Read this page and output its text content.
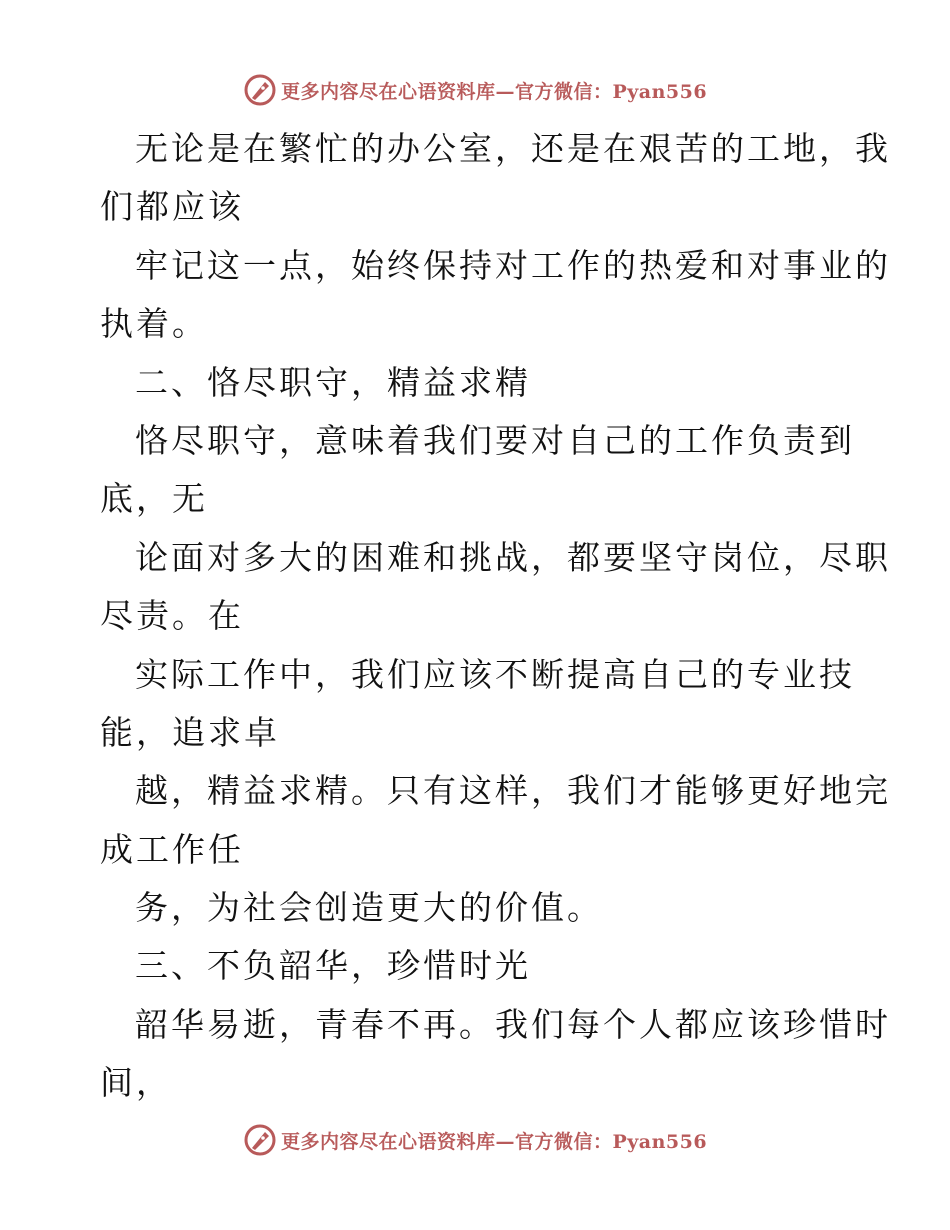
更多内容尽在心语资料库—官方微信：Pyan556
无论是在繁忙的办公室，还是在艰苦的工地，我
们都应该
牢记这一点，始终保持对工作的热爱和对事业的
执着。
二、恪尽职守，精益求精
恪尽职守，意味着我们要对自己的工作负责到
底，无
论面对多大的困难和挑战，都要坚守岗位，尽职
尽责。在
实际工作中，我们应该不断提高自己的专业技
能，追求卓
越，精益求精。只有这样，我们才能够更好地完
成工作任
务，为社会创造更大的价值。
三、不负韶华，珍惜时光
韶华易逝，青春不再。我们每个人都应该珍惜时
间，
更多内容尽在心语资料库—官方微信：Pyan556
